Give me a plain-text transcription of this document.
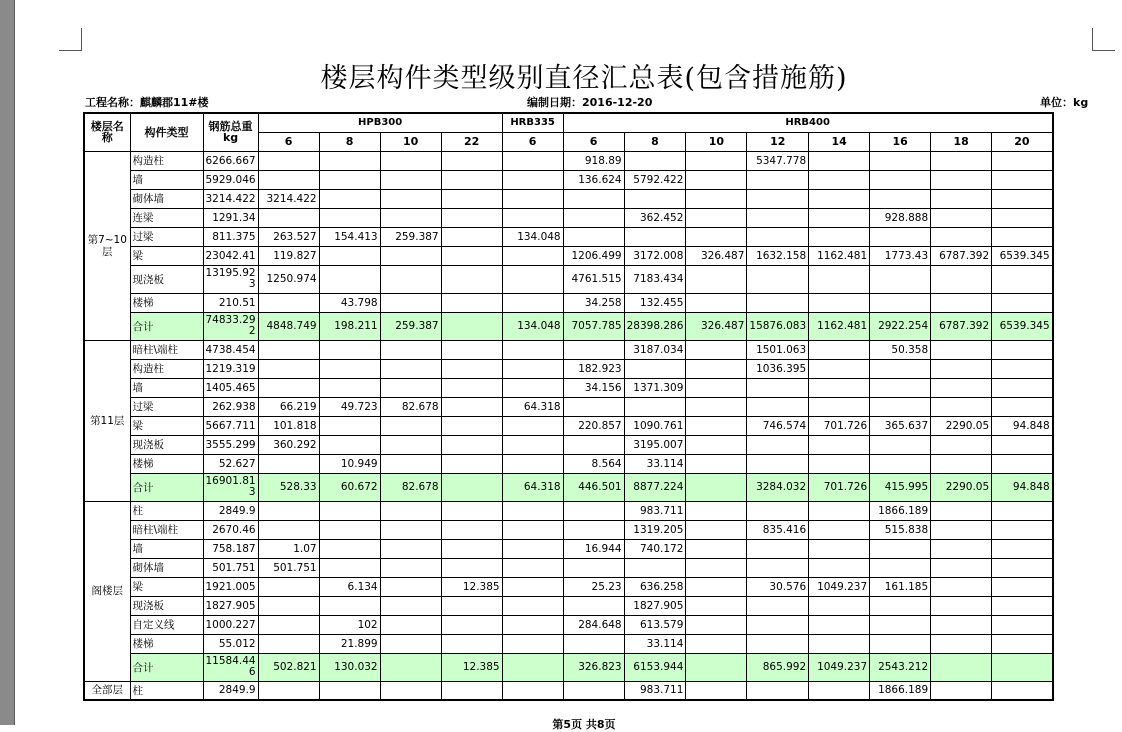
楼层构件类型级别直径汇总表(包含措施筋)
工程名称：麒麟郡11#楼	编制日期：2016-12-20	单位：kg
楼层名称	构件类型	钢筋总重kg	HPB300				HRB335	HRB400							
			6	8	10	22	6	6	8	10	12	14	16	18	20
第7~10层	构造柱	6266.667						918.89			5347.778				
	墙	5929.046						136.624	5792.422						
	砌体墙	3214.422	3214.422												
	连梁	1291.34							362.452				928.888		
	过梁	811.375	263.527	154.413	259.387		134.048								
	梁	23042.41	119.827					1206.499	3172.008	326.487	1632.158	1162.481	1773.43	6787.392	6539.345
	现浇板	13195.923	1250.974					4761.515	7183.434						
	楼梯	210.51		43.798				34.258	132.455						
	合计	74833.292	4848.749	198.211	259.387		134.048	7057.785	28398.286	326.487	15876.083	1162.481	2922.254	6787.392	6539.345
第11层	暗柱\端柱	4738.454							3187.034		1501.063		50.358		
	构造柱	1219.319						182.923			1036.395				
	墙	1405.465						34.156	1371.309						
	过梁	262.938	66.219	49.723	82.678		64.318								
	梁	5667.711	101.818					220.857	1090.761		746.574	701.726	365.637	2290.05	94.848
	现浇板	3555.299	360.292						3195.007						
	楼梯	52.627		10.949				8.564	33.114						
	合计	16901.813	528.33	60.672	82.678		64.318	446.501	8877.224		3284.032	701.726	415.995	2290.05	94.848
阁楼层	柱	2849.9							983.711				1866.189		
	暗柱\端柱	2670.46							1319.205		835.416		515.838		
	墙	758.187	1.07					16.944	740.172						
	砌体墙	501.751	501.751												
	梁	1921.005		6.134		12.385		25.23	636.258		30.576	1049.237	161.185		
	现浇板	1827.905							1827.905						
	自定义线	1000.227		102				284.648	613.579						
	楼梯	55.012		21.899					33.114						
	合计	11584.446	502.821	130.032		12.385		326.823	6153.944		865.992	1049.237	2543.212		
全部层	柱	2849.9							983.711				1866.189		
第5页 共8页
